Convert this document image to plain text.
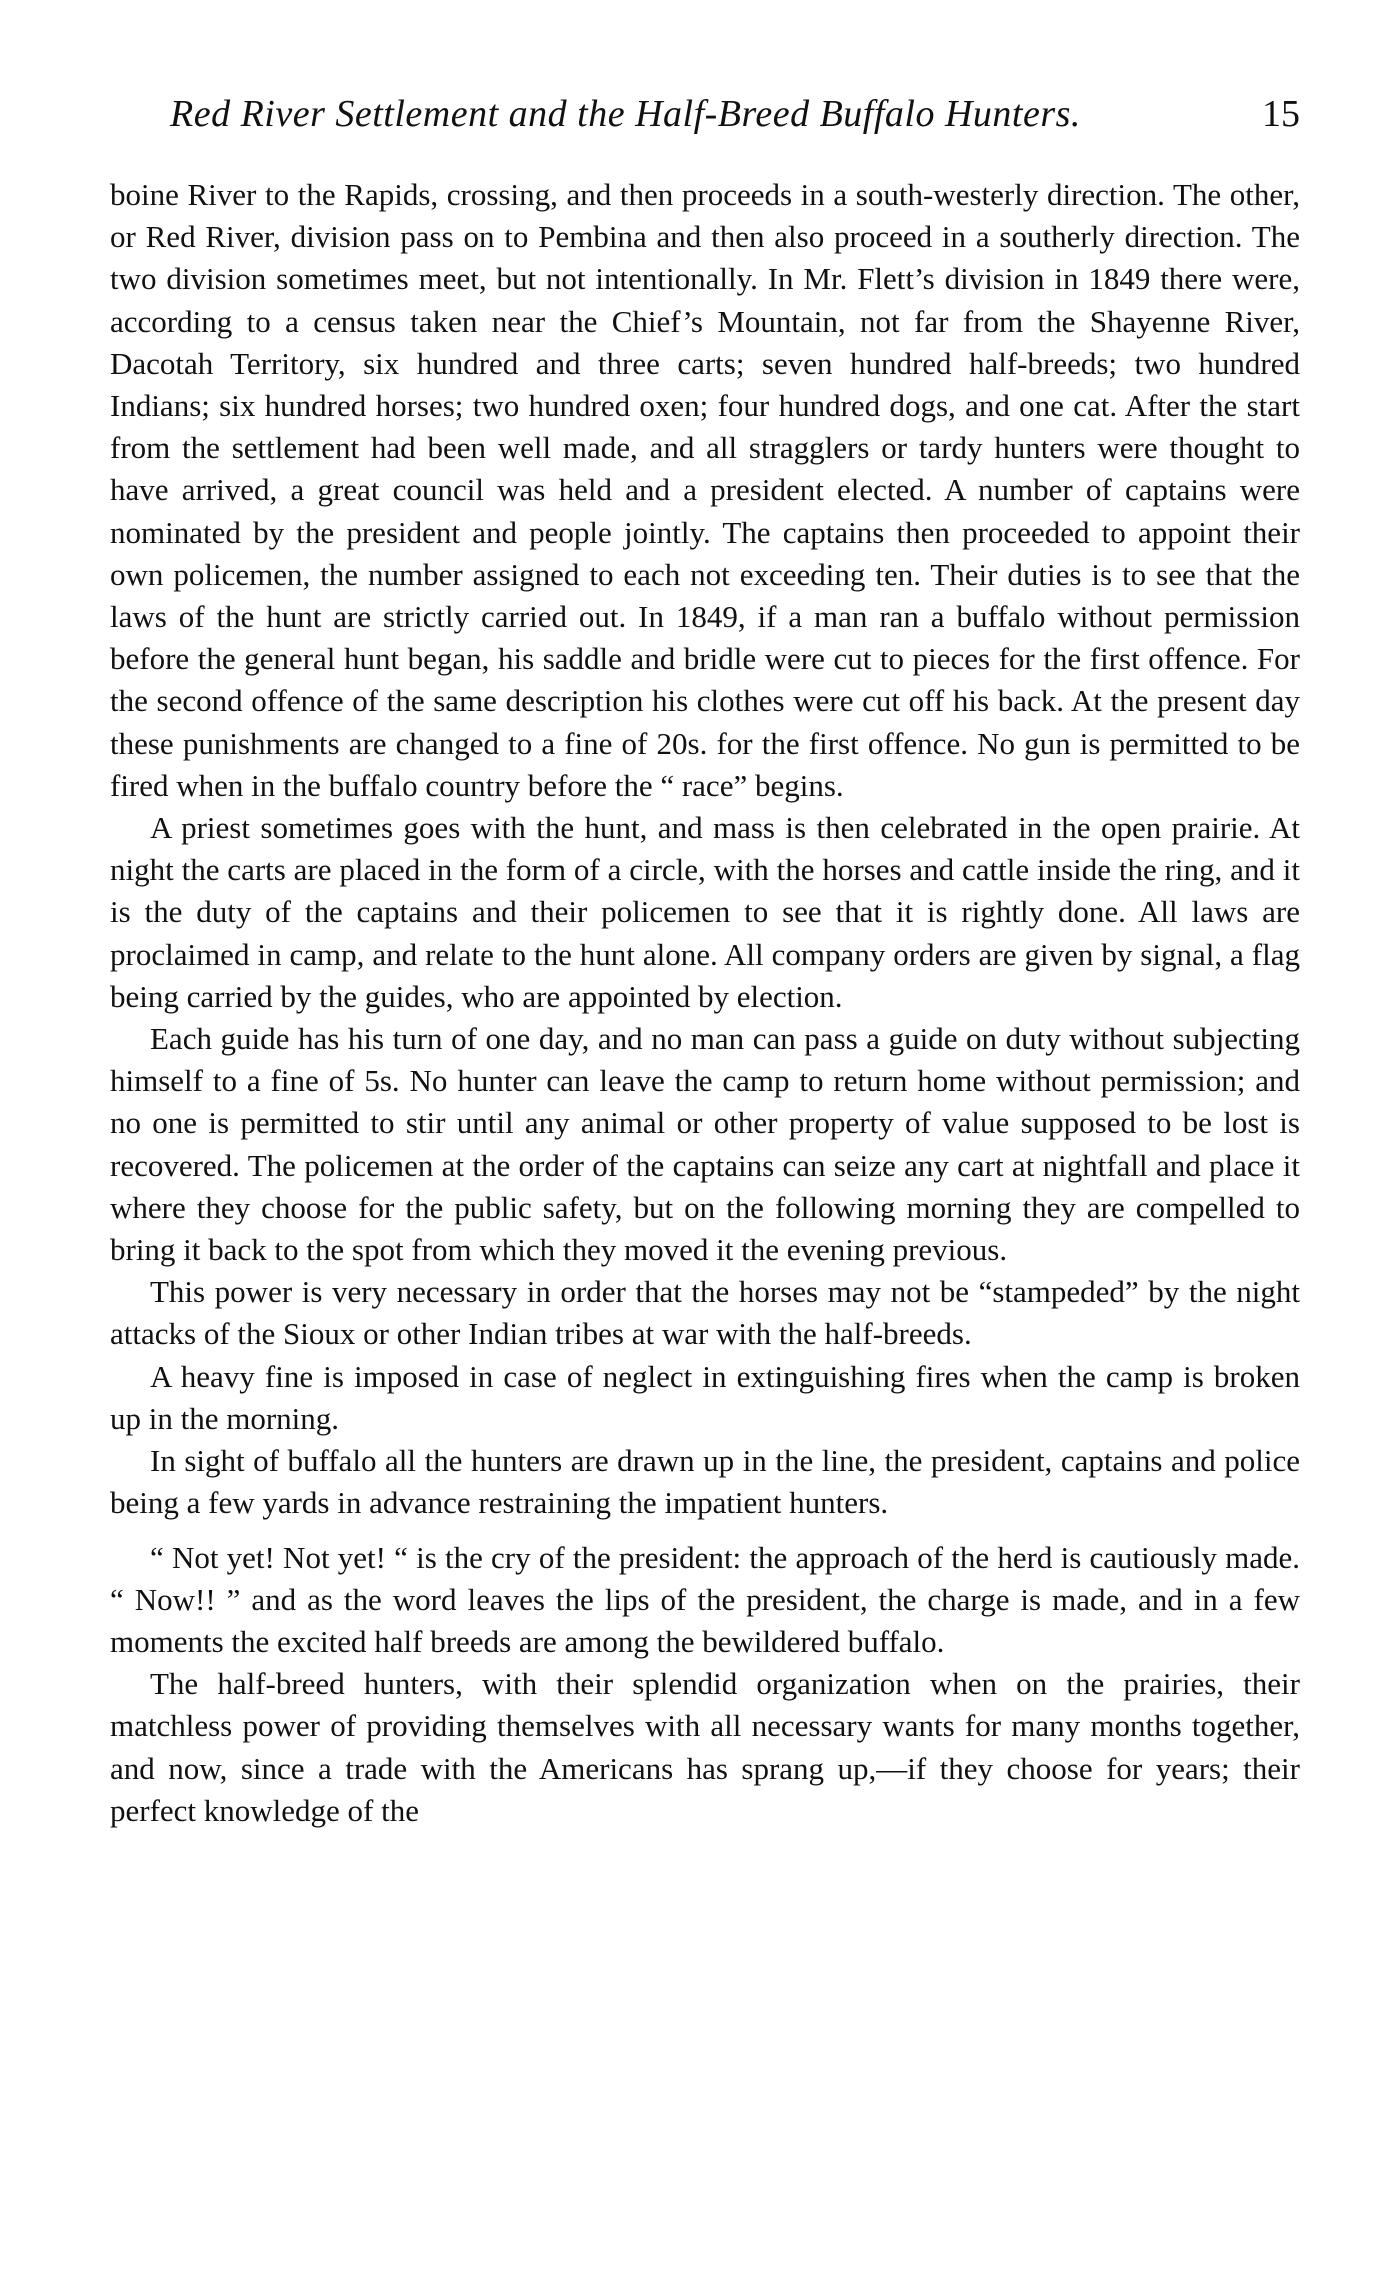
Red River Settlement and the Half-Breed Buffalo Hunters.	15

boine River to the Rapids, crossing, and then proceeds in a south-westerly direction. The other, or Red River, division pass on to Pembina and then also proceed in a southerly direction. The two division sometimes meet, but not intentionally. In Mr. Flett’s division in 1849 there were, according to a census taken near the Chief’s Mountain, not far from the Shayenne River, Dacotah Territory, six hundred and three carts; seven hundred half-breeds; two hundred Indians; six hundred horses; two hundred oxen; four hundred dogs, and one cat. After the start from the settlement had been well made, and all stragglers or tardy hunters were thought to have arrived, a great council was held and a president elected. A number of captains were nominated by the president and people jointly. The captains then proceeded to appoint their own policemen, the number assigned to each not exceeding ten. Their duties is to see that the laws of the hunt are strictly carried out. In 1849, if a man ran a buffalo without permission before the general hunt began, his saddle and bridle were cut to pieces for the first offence. For the second offence of the same description his clothes were cut off his back. At the present day these punishments are changed to a fine of 20s. for the first offence. No gun is permitted to be fired when in the buffalo country before the “ race” begins.

A priest sometimes goes with the hunt, and mass is then celebrated in the open prairie. At night the carts are placed in the form of a circle, with the horses and cattle inside the ring, and it is the duty of the captains and their policemen to see that it is rightly done. All laws are proclaimed in camp, and relate to the hunt alone. All company orders are given by signal, a flag being carried by the guides, who are appointed by election.

Each guide has his turn of one day, and no man can pass a guide on duty without subjecting himself to a fine of 5s. No hunter can leave the camp to return home without permission; and no one is permitted to stir until any animal or other property of value supposed to be lost is recovered. The policemen at the order of the captains can seize any cart at nightfall and place it where they choose for the public safety, but on the following morning they are compelled to bring it back to the spot from which they moved it the evening previous.

This power is very necessary in order that the horses may not be “stampeded” by the night attacks of the Sioux or other Indian tribes at war with the half-breeds.

A heavy fine is imposed in case of neglect in extinguishing fires when the camp is broken up in the morning.

In sight of buffalo all the hunters are drawn up in the line, the president, captains and police being a few yards in advance restraining the impatient hunters.

“ Not yet! Not yet! “ is the cry of the president: the approach of the herd is cautiously made. “ Now!! ” and as the word leaves the lips of the president, the charge is made, and in a few moments the excited half breeds are among the bewildered buffalo.

The half-breed hunters, with their splendid organization when on the prairies, their matchless power of providing themselves with all necessary wants for many months together, and now, since a trade with the Americans has sprang up,—if they choose for years; their perfect knowledge of the
